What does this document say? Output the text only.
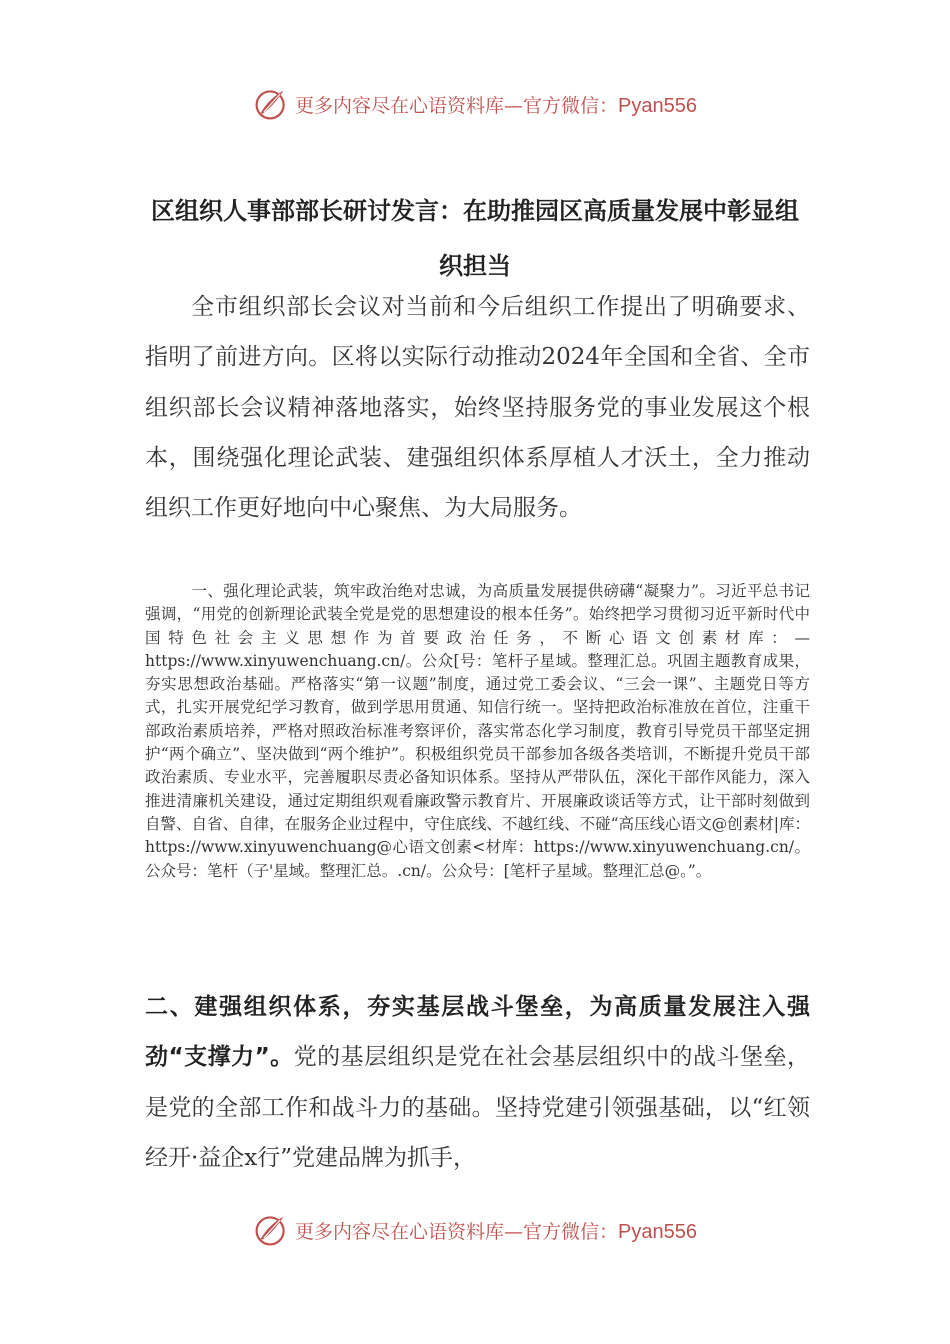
更多内容尽在心语资料库—官方微信：Pyan556
区组织人事部部长研讨发言：在助推园区高质量发展中彰显组织担当

全市组织部长会议对当前和今后组织工作提出了明确要求、指明了前进方向。区将以实际行动推动2024年全国和全省、全市组织部长会议精神落地落实，始终坚持服务党的事业发展这个根本，围绕强化理论武装、建强组织体系厚植人才沃土，全力推动组织工作更好地向中心聚焦、为大局服务。

一、强化理论武装，筑牢政治绝对忠诚，为高质量发展提供磅礴“凝聚力”。习近平总书记强调，“用党的创新理论武装全党是党的思想建设的根本任务”。始终把学习贯彻习近平新时代中国特色社会主义思想作为首要政治任务，不断心语文创素材库：—https://www.xinyuwenchuang.cn/。公众[号：笔杆子星域。整理汇总。巩固主题教育成果，夯实思想政治基础。严格落实“第一议题”制度，通过党工委会议、“三会一课”、主题党日等方式，扎实开展党纪学习教育，做到学思用贯通、知信行统一。坚持把政治标准放在首位，注重干部政治素质培养，严格对照政治标准考察评价，落实常态化学习制度，教育引导党员干部坚定拥护“两个确立”、坚决做到“两个维护”。积极组织党员干部参加各级各类培训，不断提升党员干部政治素质、专业水平，完善履职尽责必备知识体系。坚持从严带队伍，深化干部作风能力，深入推进清廉机关建设，通过定期组织观看廉政警示教育片、开展廉政谈话等方式，让干部时刻做到自警、自省、自律，在服务企业过程中，守住底线、不越红线、不碰“高压线心语文@创素材|库：https://www.xinyuwenchuang@心语文创素<材库：https://www.xinyuwenchuang.cn/。公众号：笔杆（子'星域。整理汇总。.cn/。公众号：[笔杆子星域。整理汇总@。”。

二、建强组织体系，夯实基层战斗堡垒，为高质量发展注入强劲“支撑力”。党的基层组织是党在社会基层组织中的战斗堡垒，是党的全部工作和战斗力的基础。坚持党建引领强基础，以“红领经开·益企x行”党建品牌为抓手，

更多内容尽在心语资料库—官方微信：Pyan556
